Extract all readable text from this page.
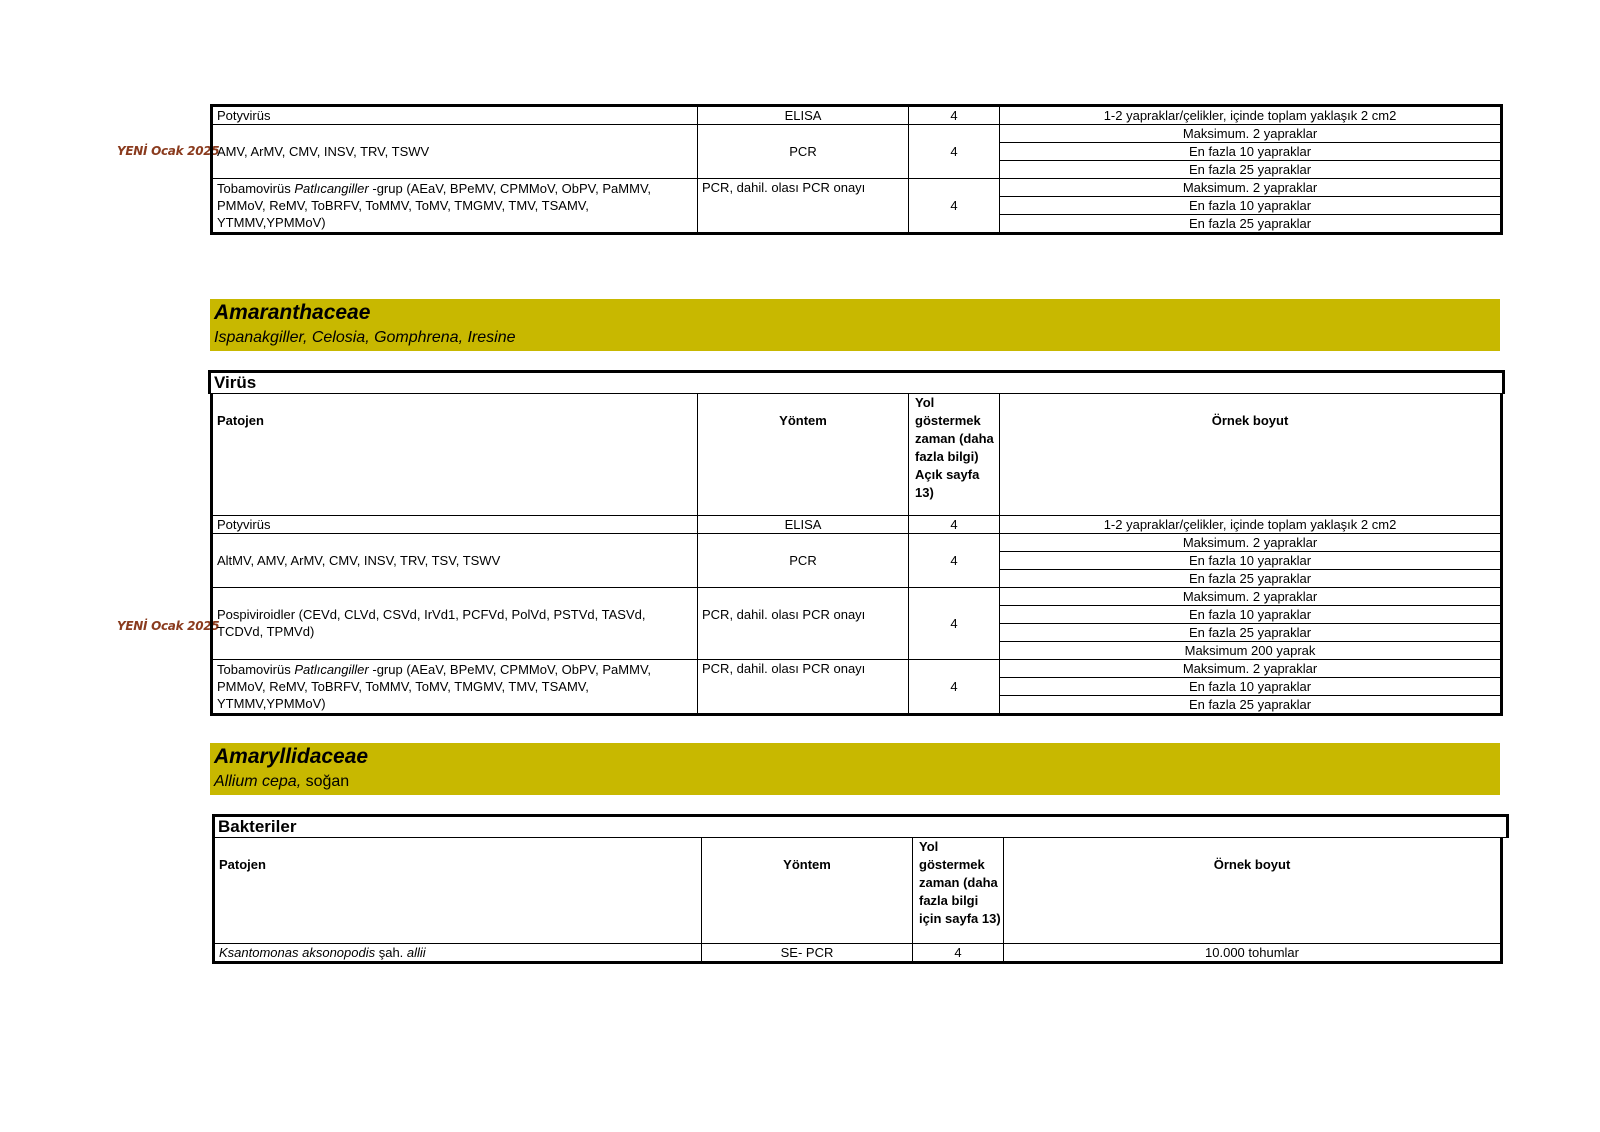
YENİ Ocak 2025
Potyvirüs	ELISA	4	1-2 yapraklar/çelikler, içinde toplam yaklaşık 2 cm2
AMV, ArMV, CMV, INSV, TRV, TSWV	PCR	4	Maksimum. 2 yapraklar
			En fazla 10 yapraklar
			En fazla 25 yapraklar
Tobamovirüs Patlıcangiller -grup (AEaV, BPeMV, CPMMoV, ObPV, PaMMV, PMMoV, ReMV, ToBRFV, ToMMV, ToMV, TMGMV, TMV, TSAMV, YTMMV,YPMMoV)	PCR, dahil. olası PCR onayı	4	Maksimum. 2 yapraklar
			En fazla 10 yapraklar
			En fazla 25 yapraklar
Amaranthaceae
Ispanakgiller, Celosia, Gomphrena, Iresine
Virüs
YENİ Ocak 2025
Patojen	Yöntem	Yol göstermek zaman (daha fazla bilgi) Açık sayfa 13)	Örnek boyut
Potyvirüs	ELISA	4	1-2 yapraklar/çelikler, içinde toplam yaklaşık 2 cm2
AltMV, AMV, ArMV, CMV, INSV, TRV, TSV, TSWV	PCR	4	Maksimum. 2 yapraklar
			En fazla 10 yapraklar
			En fazla 25 yapraklar
Pospiviroidler (CEVd, CLVd, CSVd, IrVd1, PCFVd, PolVd, PSTVd, TASVd, TCDVd, TPMVd)	PCR, dahil. olası PCR onayı	4	Maksimum. 2 yapraklar
			En fazla 10 yapraklar
			En fazla 25 yapraklar
			Maksimum 200 yaprak
Tobamovirüs Patlıcangiller -grup (AEaV, BPeMV, CPMMoV, ObPV, PaMMV, PMMoV, ReMV, ToBRFV, ToMMV, ToMV, TMGMV, TMV, TSAMV, YTMMV,YPMMoV)	PCR, dahil. olası PCR onayı	4	Maksimum. 2 yapraklar
			En fazla 10 yapraklar
			En fazla 25 yapraklar
Amaryllidaceae
Allium cepa, soğan
Bakteriler
Patojen	Yöntem	Yol göstermek zaman (daha fazla bilgi için sayfa 13)	Örnek boyut
Ksantomonas aksonopodis şah. allii	SE- PCR	4	10.000 tohumlar
